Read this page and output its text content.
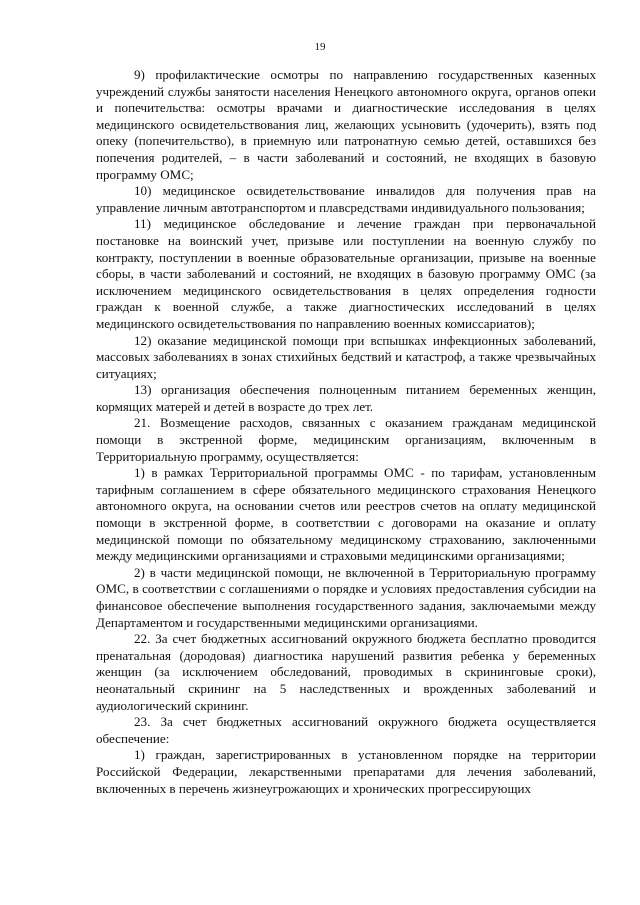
19

9) профилактические осмотры по направлению государственных казенных учреждений службы занятости населения Ненецкого автономного округа, органов опеки и попечительства: осмотры врачами и диагностические исследования в целях медицинского освидетельствования лиц, желающих усыновить (удочерить), взять под опеку (попечительство), в приемную или патронатную семью детей, оставшихся без попечения родителей, – в части заболеваний и состояний, не входящих в базовую программу ОМС;

10) медицинское освидетельствование инвалидов для получения прав на управление личным автотранспортом и плавсредствами индивидуального пользования;

11) медицинское обследование и лечение граждан при первоначальной постановке на воинский учет, призыве или поступлении на военную службу по контракту, поступлении в военные образовательные организации, призыве на военные сборы, в части заболеваний и состояний, не входящих в базовую программу ОМС (за исключением медицинского освидетельствования в целях определения годности граждан к военной службе, а также диагностических исследований в целях медицинского освидетельствования по направлению военных комиссариатов);

12) оказание медицинской помощи при вспышках инфекционных заболеваний, массовых заболеваниях в зонах стихийных бедствий и катастроф, а также чрезвычайных ситуациях;

13) организация обеспечения полноценным питанием беременных женщин, кормящих матерей и детей в возрасте до трех лет.

21. Возмещение расходов, связанных с оказанием гражданам медицинской помощи в экстренной форме, медицинским организациям, включенным в Территориальную программу, осуществляется:

1) в рамках Территориальной программы ОМС - по тарифам, установленным тарифным соглашением в сфере обязательного медицинского страхования Ненецкого автономного округа, на основании счетов или реестров счетов на оплату медицинской помощи в экстренной форме, в соответствии с договорами на оказание и оплату медицинской помощи по обязательному медицинскому страхованию, заключенными между медицинскими организациями и страховыми медицинскими организациями;

2) в части медицинской помощи, не включенной в Территориальную программу ОМС, в соответствии с соглашениями о порядке и условиях предоставления субсидии на финансовое обеспечение выполнения государственного задания, заключаемыми между Департаментом и государственными медицинскими организациями.

22. За счет бюджетных ассигнований окружного бюджета бесплатно проводится пренатальная (дородовая) диагностика нарушений развития ребенка у беременных женщин (за исключением обследований, проводимых в скрининговые сроки), неонатальный скрининг на 5 наследственных и врожденных заболеваний и аудиологический скрининг.

23. За счет бюджетных ассигнований окружного бюджета осуществляется обеспечение:

1) граждан, зарегистрированных в установленном порядке на территории Российской Федерации, лекарственными препаратами для лечения заболеваний, включенных в перечень жизнеугрожающих и хронических прогрессирующих
